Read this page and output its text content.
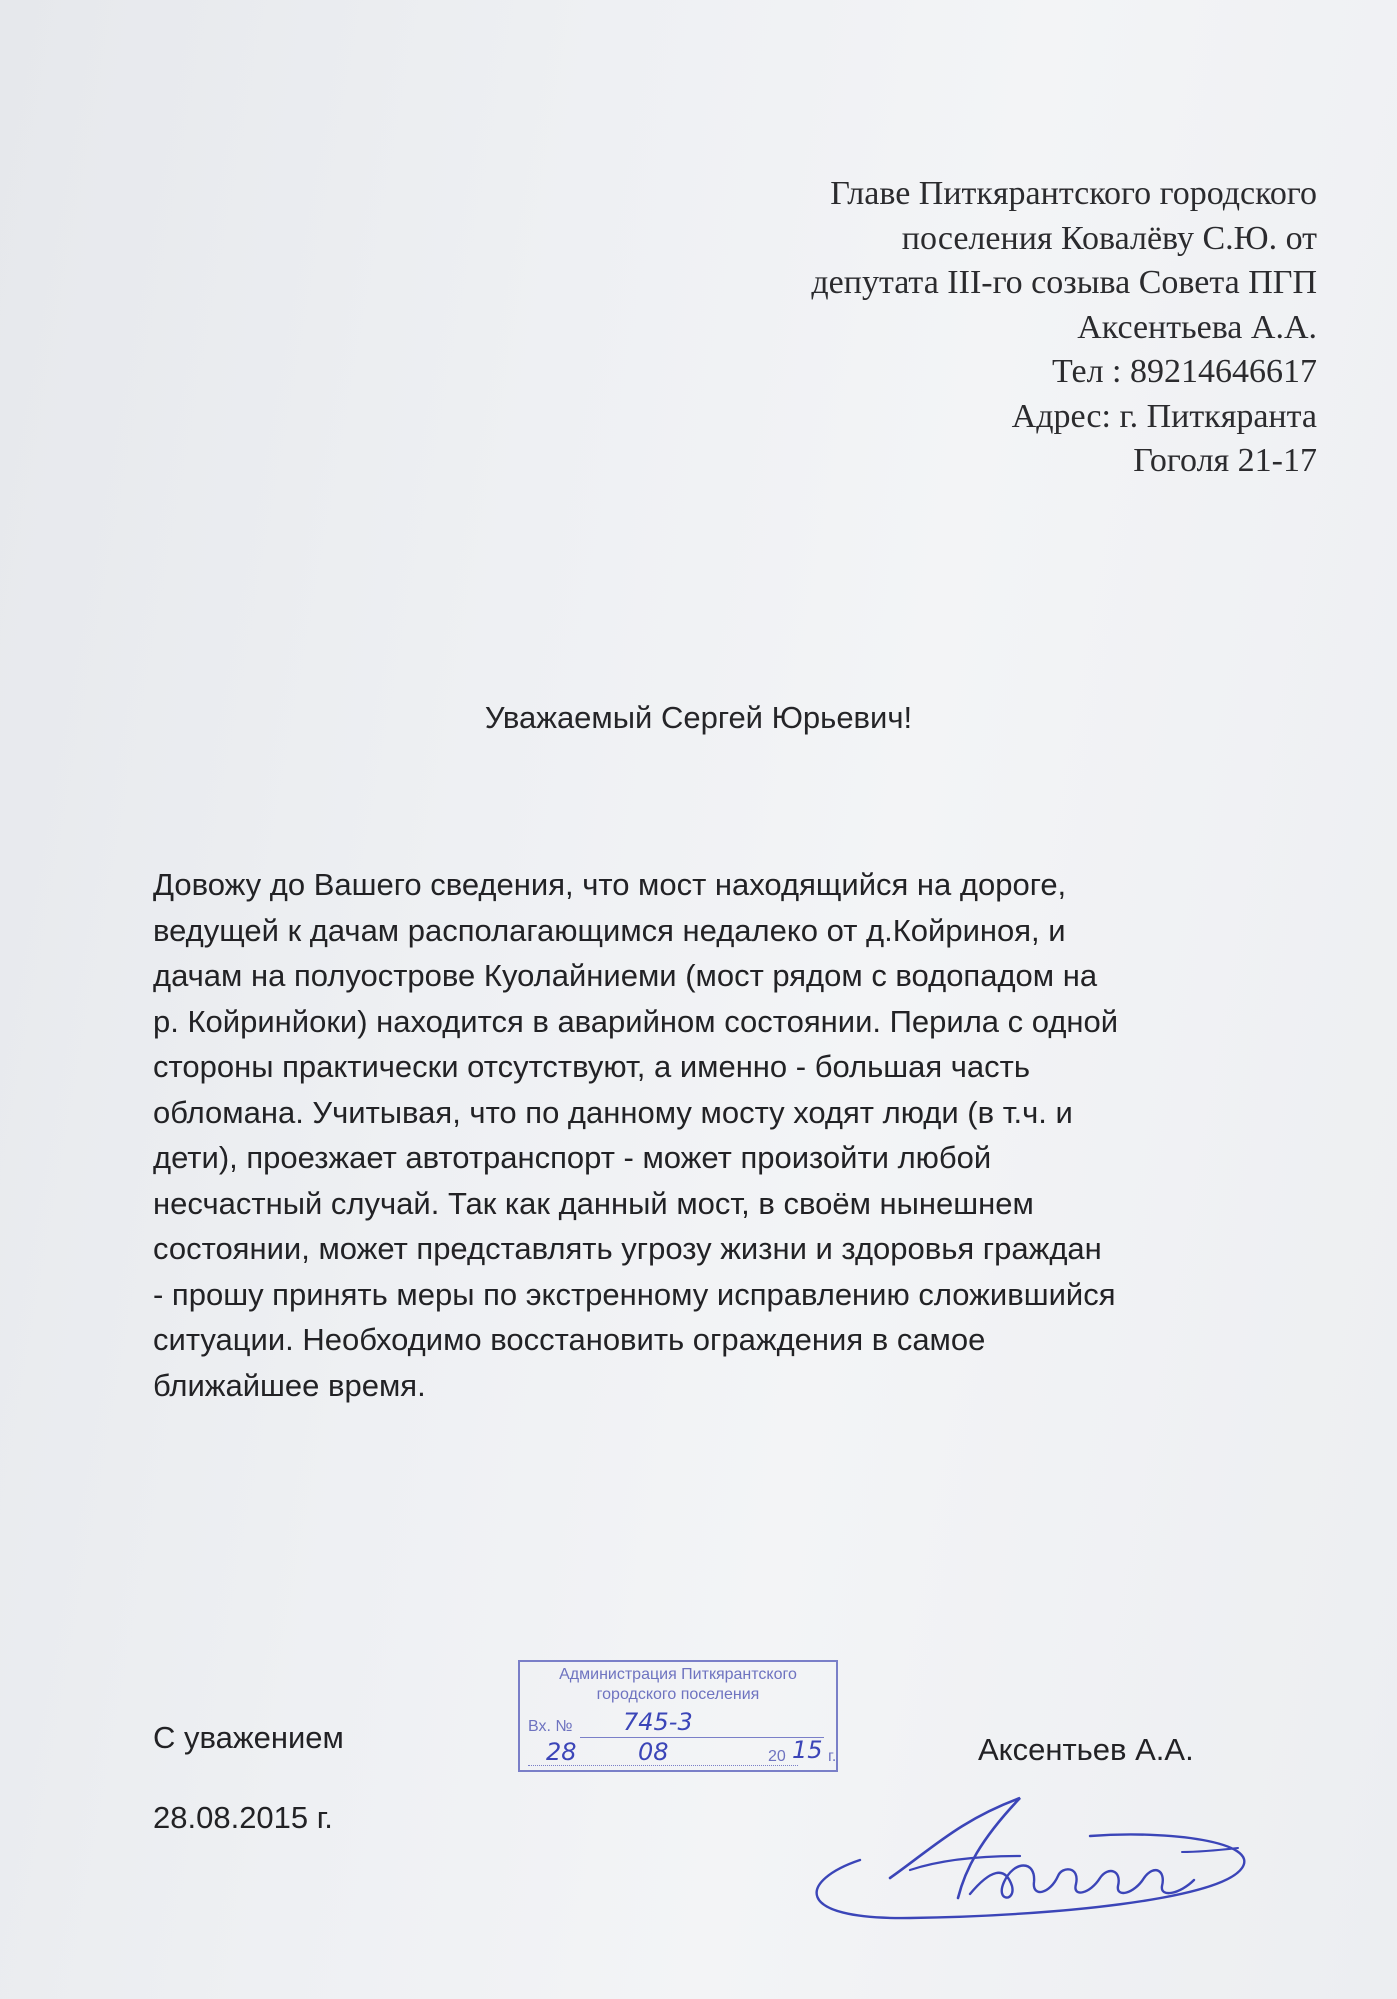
Главе Питкярантского городского
поселения Ковалёву С.Ю. от
депутата III-го созыва Совета ПГП
Аксентьева А.А.
Тел : 89214646617
Адрес: г. Питкяранта
Гоголя 21-17
Уважаемый Сергей Юрьевич!
Довожу до Вашего сведения, что мост находящийся на дороге,
ведущей к дачам располагающимся недалеко от д.Койриноя, и
дачам на полуострове Куолайниеми (мост рядом с водопадом на
р. Койринйоки) находится в аварийном состоянии. Перила с одной
стороны практически отсутствуют, а именно - большая часть
обломана. Учитывая, что по данному мосту ходят люди (в т.ч. и
дети), проезжает автотранспорт - может произойти любой
несчастный случай. Так как данный мост, в своём нынешнем
состоянии, может представлять угрозу жизни и здоровья граждан
- прошу принять меры по экстренному исправлению сложившийся
ситуации. Необходимо восстановить ограждения в самое
ближайшее время.
Администрация Питкярантского
городского поселения
Вх. № 745-3
28	08	20 15 г.
С уважением	Аксентьев А.А.
28.08.2015 г.
